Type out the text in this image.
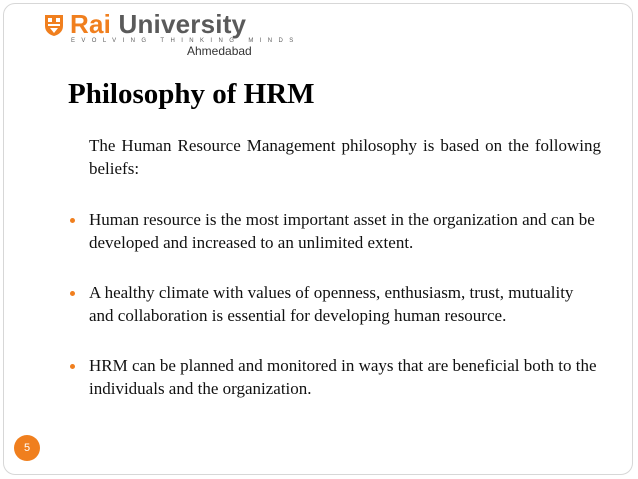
Rai University
EVOLVING THINKING MINDS
Ahmedabad
Philosophy of HRM

The Human Resource Management philosophy is based on the following beliefs:

Human resource is the most important asset in the organization and can be developed and increased to an unlimited extent.
A healthy climate with values of openness, enthusiasm, trust, mutuality and collaboration is essential for developing human resource.
HRM can be planned and monitored in ways that are beneficial both to the individuals and the organization.
5
